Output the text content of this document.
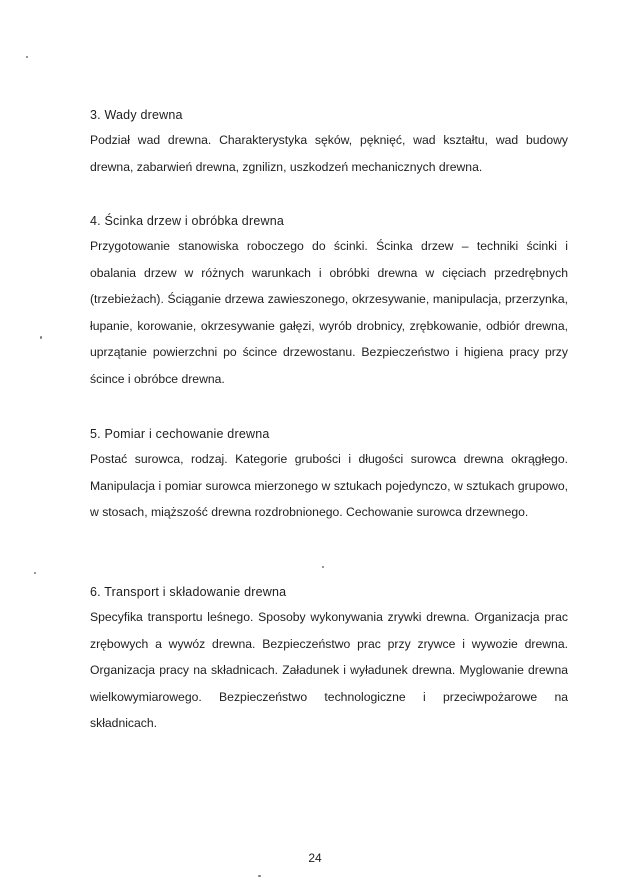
3. Wady drewna

Podział wad drewna. Charakterystyka sęków, pęknięć, wad kształtu, wad budowy drewna, zabarwień drewna, zgnilizn, uszkodzeń mechanicznych drewna.

4. Ścinka drzew i obróbka drewna

Przygotowanie stanowiska roboczego do ścinki. Ścinka drzew – techniki ścinki i obalania drzew w różnych warunkach i obróbki drewna w cięciach przedrębnych (trzebieżach). Ściąganie drzewa zawieszonego, okrzesywanie, manipulacja, przerzynka, łupanie, korowanie, okrzesywanie gałęzi, wyrób drobnicy, zrębkowanie, odbiór drewna, uprzątanie powierzchni po ścince drzewostanu. Bezpieczeństwo i higiena pracy przy ścince i obróbce drewna.

5. Pomiar i cechowanie drewna

Postać surowca, rodzaj. Kategorie grubości i długości surowca drewna okrągłego. Manipulacja i pomiar surowca mierzonego w sztukach pojedynczo, w sztukach grupowo, w stosach, miąższość drewna rozdrobnionego. Cechowanie surowca drzewnego.

6. Transport i składowanie drewna

Specyfika transportu leśnego. Sposoby wykonywania zrywki drewna. Organizacja prac zrębowych a wywóz drewna. Bezpieczeństwo prac przy zrywce i wywozie drewna. Organizacja pracy na składnicach. Załadunek i wyładunek drewna. Myglowanie drewna wielkowymiarowego. Bezpieczeństwo technologiczne i przeciwpożarowe na składnicach.

24
